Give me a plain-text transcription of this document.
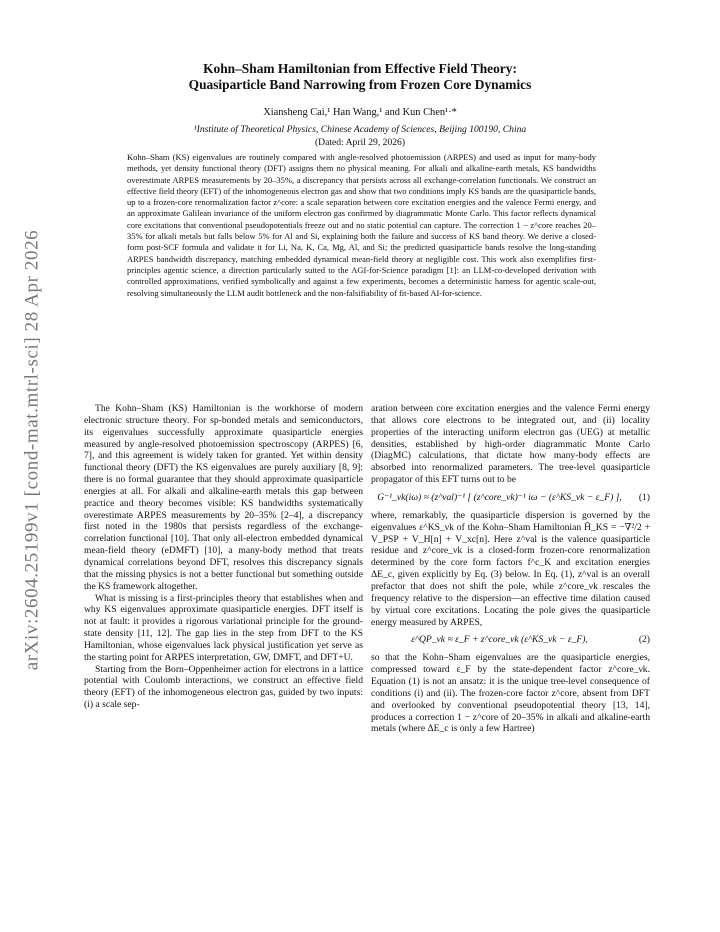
arXiv:2604.25199v1 [cond-mat.mtrl-sci] 28 Apr 2026
Kohn–Sham Hamiltonian from Effective Field Theory:
Quasiparticle Band Narrowing from Frozen Core Dynamics
Xiansheng Cai,¹ Han Wang,¹ and Kun Chen¹·*
¹Institute of Theoretical Physics, Chinese Academy of Sciences, Beijing 100190, China
(Dated: April 29, 2026)
Kohn–Sham (KS) eigenvalues are routinely compared with angle-resolved photoemission (ARPES) and used as input for many-body methods, yet density functional theory (DFT) assigns them no physical meaning. For alkali and alkaline-earth metals, KS bandwidths overestimate ARPES measurements by 20–35%, a discrepancy that persists across all exchange-correlation functionals. We construct an effective field theory (EFT) of the inhomogeneous electron gas and show that two conditions imply KS bands are the quasiparticle bands, up to a frozen-core renormalization factor z^core: a scale separation between core excitation energies and the valence Fermi energy, and an approximate Galilean invariance of the uniform electron gas confirmed by diagrammatic Monte Carlo. This factor reflects dynamical core excitations that conventional pseudopotentials freeze out and no static potential can capture. The correction 1 − z^core reaches 20–35% for alkali metals but falls below 5% for Al and Si, explaining both the failure and success of KS band theory. We derive a closed-form post-SCF formula and validate it for Li, Na, K, Ca, Mg, Al, and Si; the predicted quasiparticle bands resolve the long-standing ARPES bandwidth discrepancy, matching embedded dynamical mean-field theory at negligible cost. This work also exemplifies first-principles agentic science, a direction particularly suited to the AGI-for-Science paradigm [1]: an LLM-co-developed derivation with controlled approximations, verified symbolically and against a few experiments, becomes a deterministic harness for agentic scale-out, resolving simultaneously the LLM audit bottleneck and the non-falsifiability of fit-based AI-for-science.

The Kohn–Sham (KS) Hamiltonian is the workhorse of modern electronic structure theory. For sp-bonded metals and semiconductors, its eigenvalues successfully approximate quasiparticle energies measured by angle-resolved photoemission spectroscopy (ARPES) [6, 7], and this agreement is widely taken for granted. Yet within density functional theory (DFT) the KS eigenvalues are purely auxiliary [8, 9]: there is no formal guarantee that they should approximate quasiparticle energies at all. For alkali and alkaline-earth metals this gap between practice and theory becomes visible: KS bandwidths systematically overestimate ARPES measurements by 20–35% [2–4], a discrepancy first noted in the 1980s that persists regardless of the exchange-correlation functional [10]. That only all-electron embedded dynamical mean-field theory (eDMFT) [10], a many-body method that treats dynamical correlations beyond DFT, resolves this discrepancy signals that the missing physics is not a better functional but something outside the KS framework altogether.

What is missing is a first-principles theory that establishes when and why KS eigenvalues approximate quasiparticle energies. DFT itself is not at fault: it provides a rigorous variational principle for the ground-state density [11, 12]. The gap lies in the step from DFT to the KS Hamiltonian, whose eigenvalues lack physical justification yet serve as the starting point for ARPES interpretation, GW, DMFT, and DFT+U.

Starting from the Born–Oppenheimer action for electrons in a lattice potential with Coulomb interactions, we construct an effective field theory (EFT) of the inhomogeneous electron gas, guided by two inputs: (i) a scale sep-

aration between core excitation energies and the valence Fermi energy that allows core electrons to be integrated out, and (ii) locality properties of the interacting uniform electron gas (UEG) at metallic densities, established by high-order diagrammatic Monte Carlo (DiagMC) calculations, that dictate how many-body effects are absorbed into renormalized parameters. The tree-level quasiparticle propagator of this EFT turns out to be

G⁻¹_νk(iω) ≈ (z^val)⁻¹ [ (z^core_νk)⁻¹ iω − (ε^KS_νk − ε_F) ],	(1)

where, remarkably, the quasiparticle dispersion is governed by the eigenvalues ε^KS_νk of the Kohn–Sham Hamiltonian Ĥ_KS = −∇²/2 + V_PSP + V_H[n] + V_xc[n]. Here z^val is the valence quasiparticle residue and z^core_νk is a closed-form frozen-core renormalization determined by the core form factors f^c_K and excitation energies ΔE_c, given explicitly by Eq. (3) below. In Eq. (1), z^val is an overall prefactor that does not shift the pole, while z^core_νk rescales the frequency relative to the dispersion—an effective time dilation caused by virtual core excitations. Locating the pole gives the quasiparticle energy measured by ARPES,

ε^QP_νk ≈ ε_F + z^core_νk (ε^KS_νk − ε_F),	(2)

so that the Kohn–Sham eigenvalues are the quasiparticle energies, compressed toward ε_F by the state-dependent factor z^core_νk. Equation (1) is not an ansatz: it is the unique tree-level consequence of conditions (i) and (ii). The frozen-core factor z^core, absent from DFT and overlooked by conventional pseudopotential theory [13, 14], produces a correction 1 − z^core of 20–35% in alkali and alkaline-earth metals (where ΔE_c is only a few Hartree)
